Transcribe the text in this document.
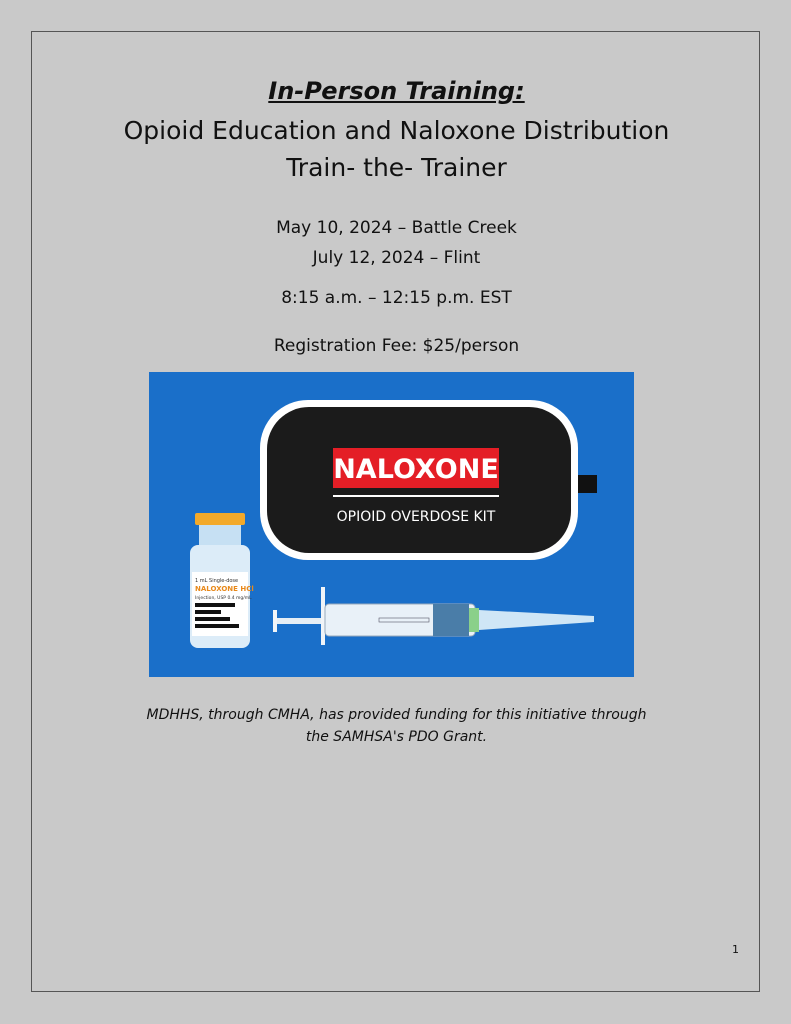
In-Person Training:
Opioid Education and Naloxone Distribution
Train- the- Trainer
May 10, 2024 – Battle Creek
July 12, 2024 – Flint
8:15 a.m. – 12:15 p.m. EST
Registration Fee: $25/person
NALOXONE
OPIOID OVERDOSE KIT
1 mL Single-dose
NALOXONE HCl
Injection, USP 0.4 mg/mL
MDHHS, through CMHA, has provided funding for this initiative through
the SAMHSA's PDO Grant.
1
